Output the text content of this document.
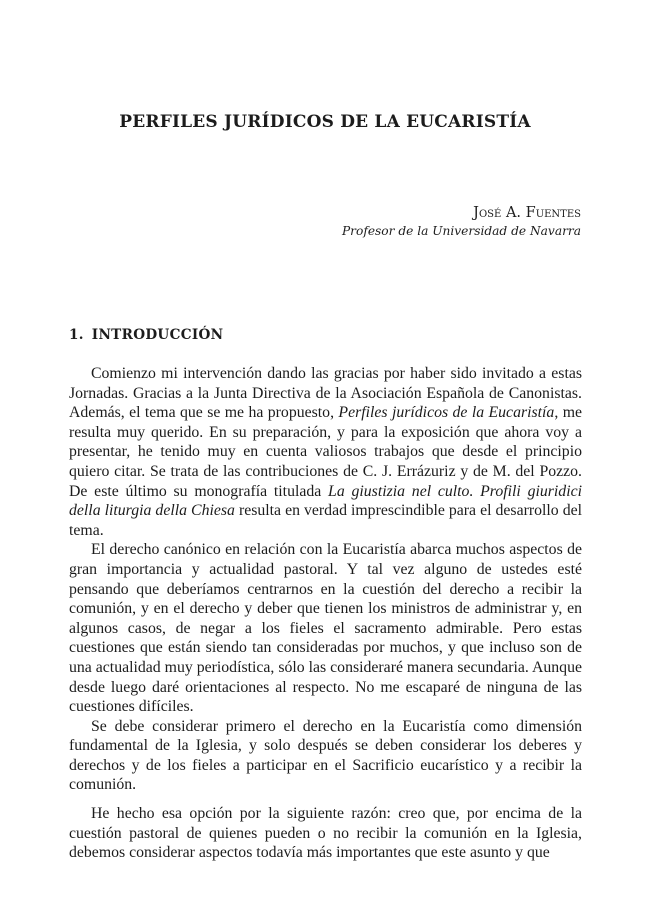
PERFILES JURÍDICOS DE LA EUCARISTÍA
José A. Fuentes
Profesor de la Universidad de Navarra
1. INTRODUCCIÓN

Comienzo mi intervención dando las gracias por haber sido invitado a estas Jornadas. Gracias a la Junta Directiva de la Asociación Española de Canonistas. Además, el tema que se me ha propuesto, Perfiles jurídicos de la Eucaristía, me resulta muy querido. En su preparación, y para la exposición que ahora voy a presentar, he tenido muy en cuenta valiosos trabajos que desde el principio quiero citar. Se trata de las contribuciones de C. J. Errázuriz y de M. del Pozzo. De este último su monografía titulada La giustizia nel culto. Profili giuridici della liturgia della Chiesa resulta en verdad imprescindible para el desarrollo del tema.

El derecho canónico en relación con la Eucaristía abarca muchos aspectos de gran importancia y actualidad pastoral. Y tal vez alguno de ustedes esté pensando que deberíamos centrarnos en la cuestión del derecho a recibir la comunión, y en el derecho y deber que tienen los ministros de administrar y, en algunos casos, de negar a los fieles el sacramento admirable. Pero estas cuestiones que están siendo tan consideradas por muchos, y que incluso son de una actualidad muy periodística, sólo las consideraré manera secundaria. Aunque desde luego daré orientaciones al respecto. No me escaparé de ninguna de las cuestiones difíciles.

Se debe considerar primero el derecho en la Eucaristía como dimensión fundamental de la Iglesia, y solo después se deben considerar los deberes y derechos y de los fieles a participar en el Sacrificio eucarístico y a recibir la comunión.

He hecho esa opción por la siguiente razón: creo que, por encima de la cuestión pastoral de quienes pueden o no recibir la comunión en la Iglesia, debemos considerar aspectos todavía más importantes que este asunto y que
